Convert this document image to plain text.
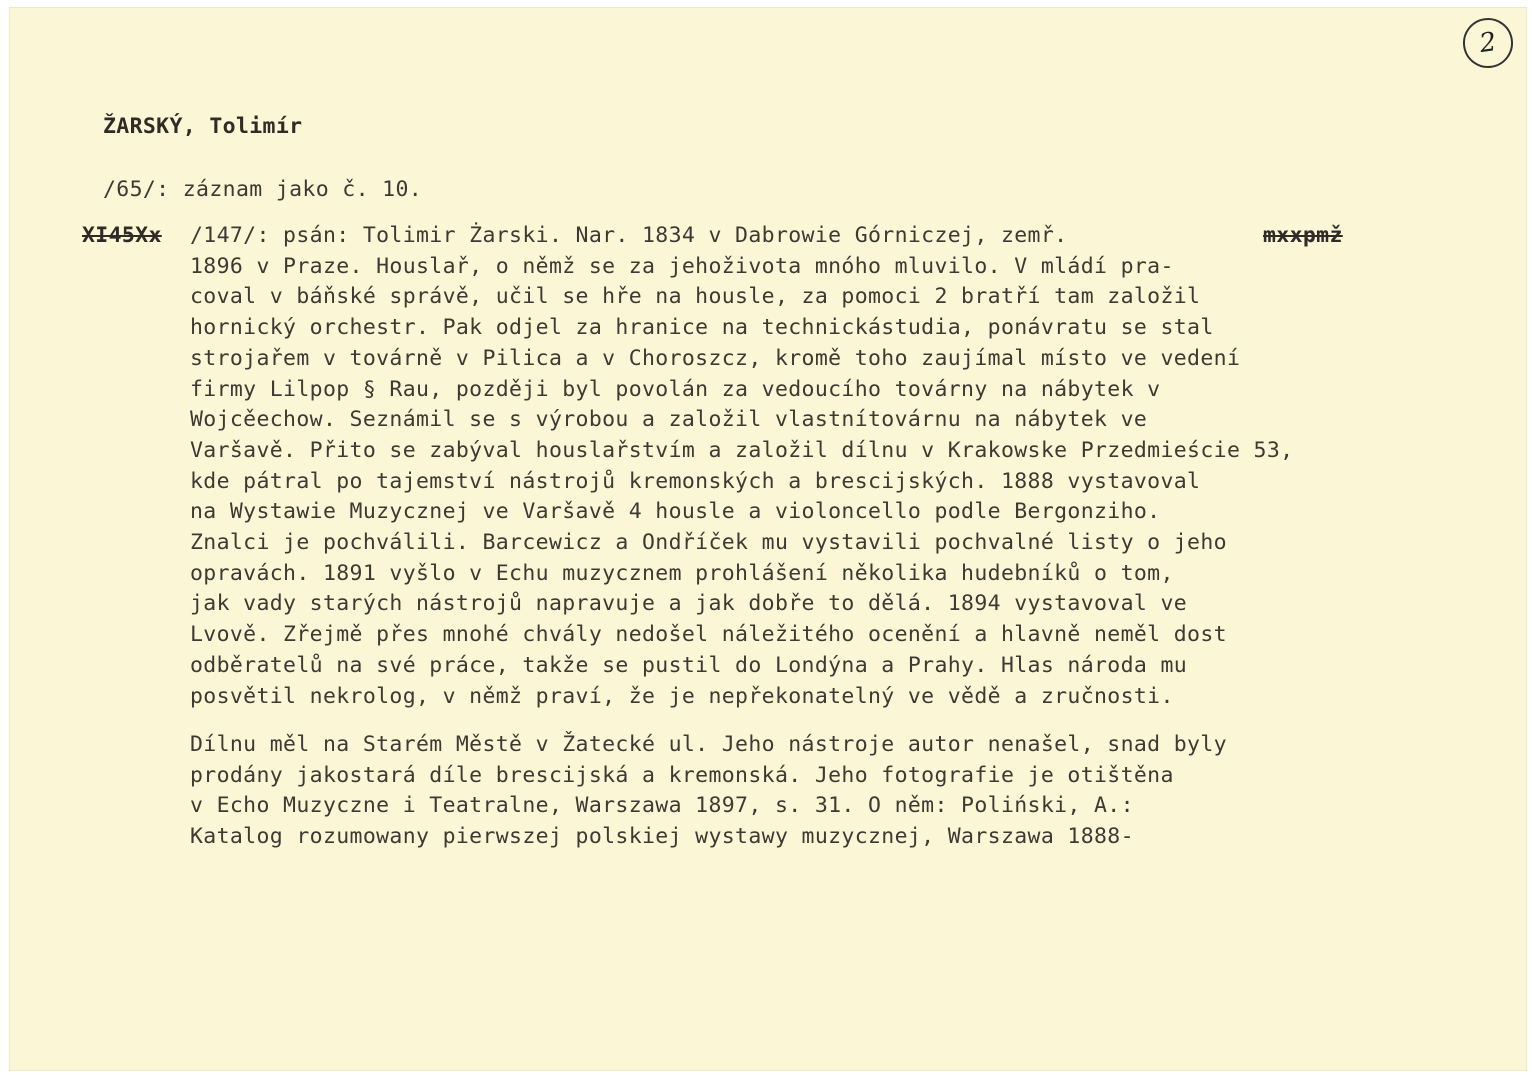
2
ŽARSKÝ, Tolimír
/65/: záznam jako č. 10.
XI45Xx /147/: psán: Tolimir Żarski. Nar. 1834 v Dabrowie Górniczej, zemř.	mxxpmž
1896 v Praze. Houslař, o němž se za jehoživota mnóho mluvilo. V mládí pra-
coval v báňské správě, učil se hře na housle, za pomoci 2 bratří tam založil
hornický orchestr. Pak odjel za hranice na technickástudia, ponávratu se stal
strojařem v továrně v Pilica a v Choroszcz, kromě toho zaujímal místo ve vedení
firmy Lilpop § Rau, později byl povolán za vedoucího továrny na nábytek v
Wojcěechow. Seznámil se s výrobou a založil vlastnítovárnu na nábytek ve
Varšavě. Přito se zabýval houslařstvím a založil dílnu v Krakowske Przedmieście 53,
kde pátral po tajemství nástrojů kremonských a brescijských. 1888 vystavoval
na Wystawie Muzycznej ve Varšavě 4 housle a violoncello podle Bergonziho.
Znalci je pochválili. Barcewicz a Ondříček mu vystavili pochvalné listy o jeho
opravách. 1891 vyšlo v Echu muzycznem prohlášení několika hudebníků o tom,
jak vady starých nástrojů napravuje a jak dobře to dělá. 1894 vystavoval ve
Lvově. Zřejmě přes mnohé chvály nedošel náležitého ocenění a hlavně neměl dost
odběratelů na své práce, takže se pustil do Londýna a Prahy. Hlas národa mu
posvětil nekrolog, v němž praví, že je nepřekonatelný ve vědě a zručnosti.
Dílnu měl na Starém Městě v Žatecké ul. Jeho nástroje autor nenašel, snad byly
prodány jakostará díle brescijská a kremonská. Jeho fotografie je otištěna
v Echo Muzyczne i Teatralne, Warszawa 1897, s. 31. O něm: Poliński, A.:
Katalog rozumowany pierwszej polskiej wystawy muzycznej, Warszawa 1888-
